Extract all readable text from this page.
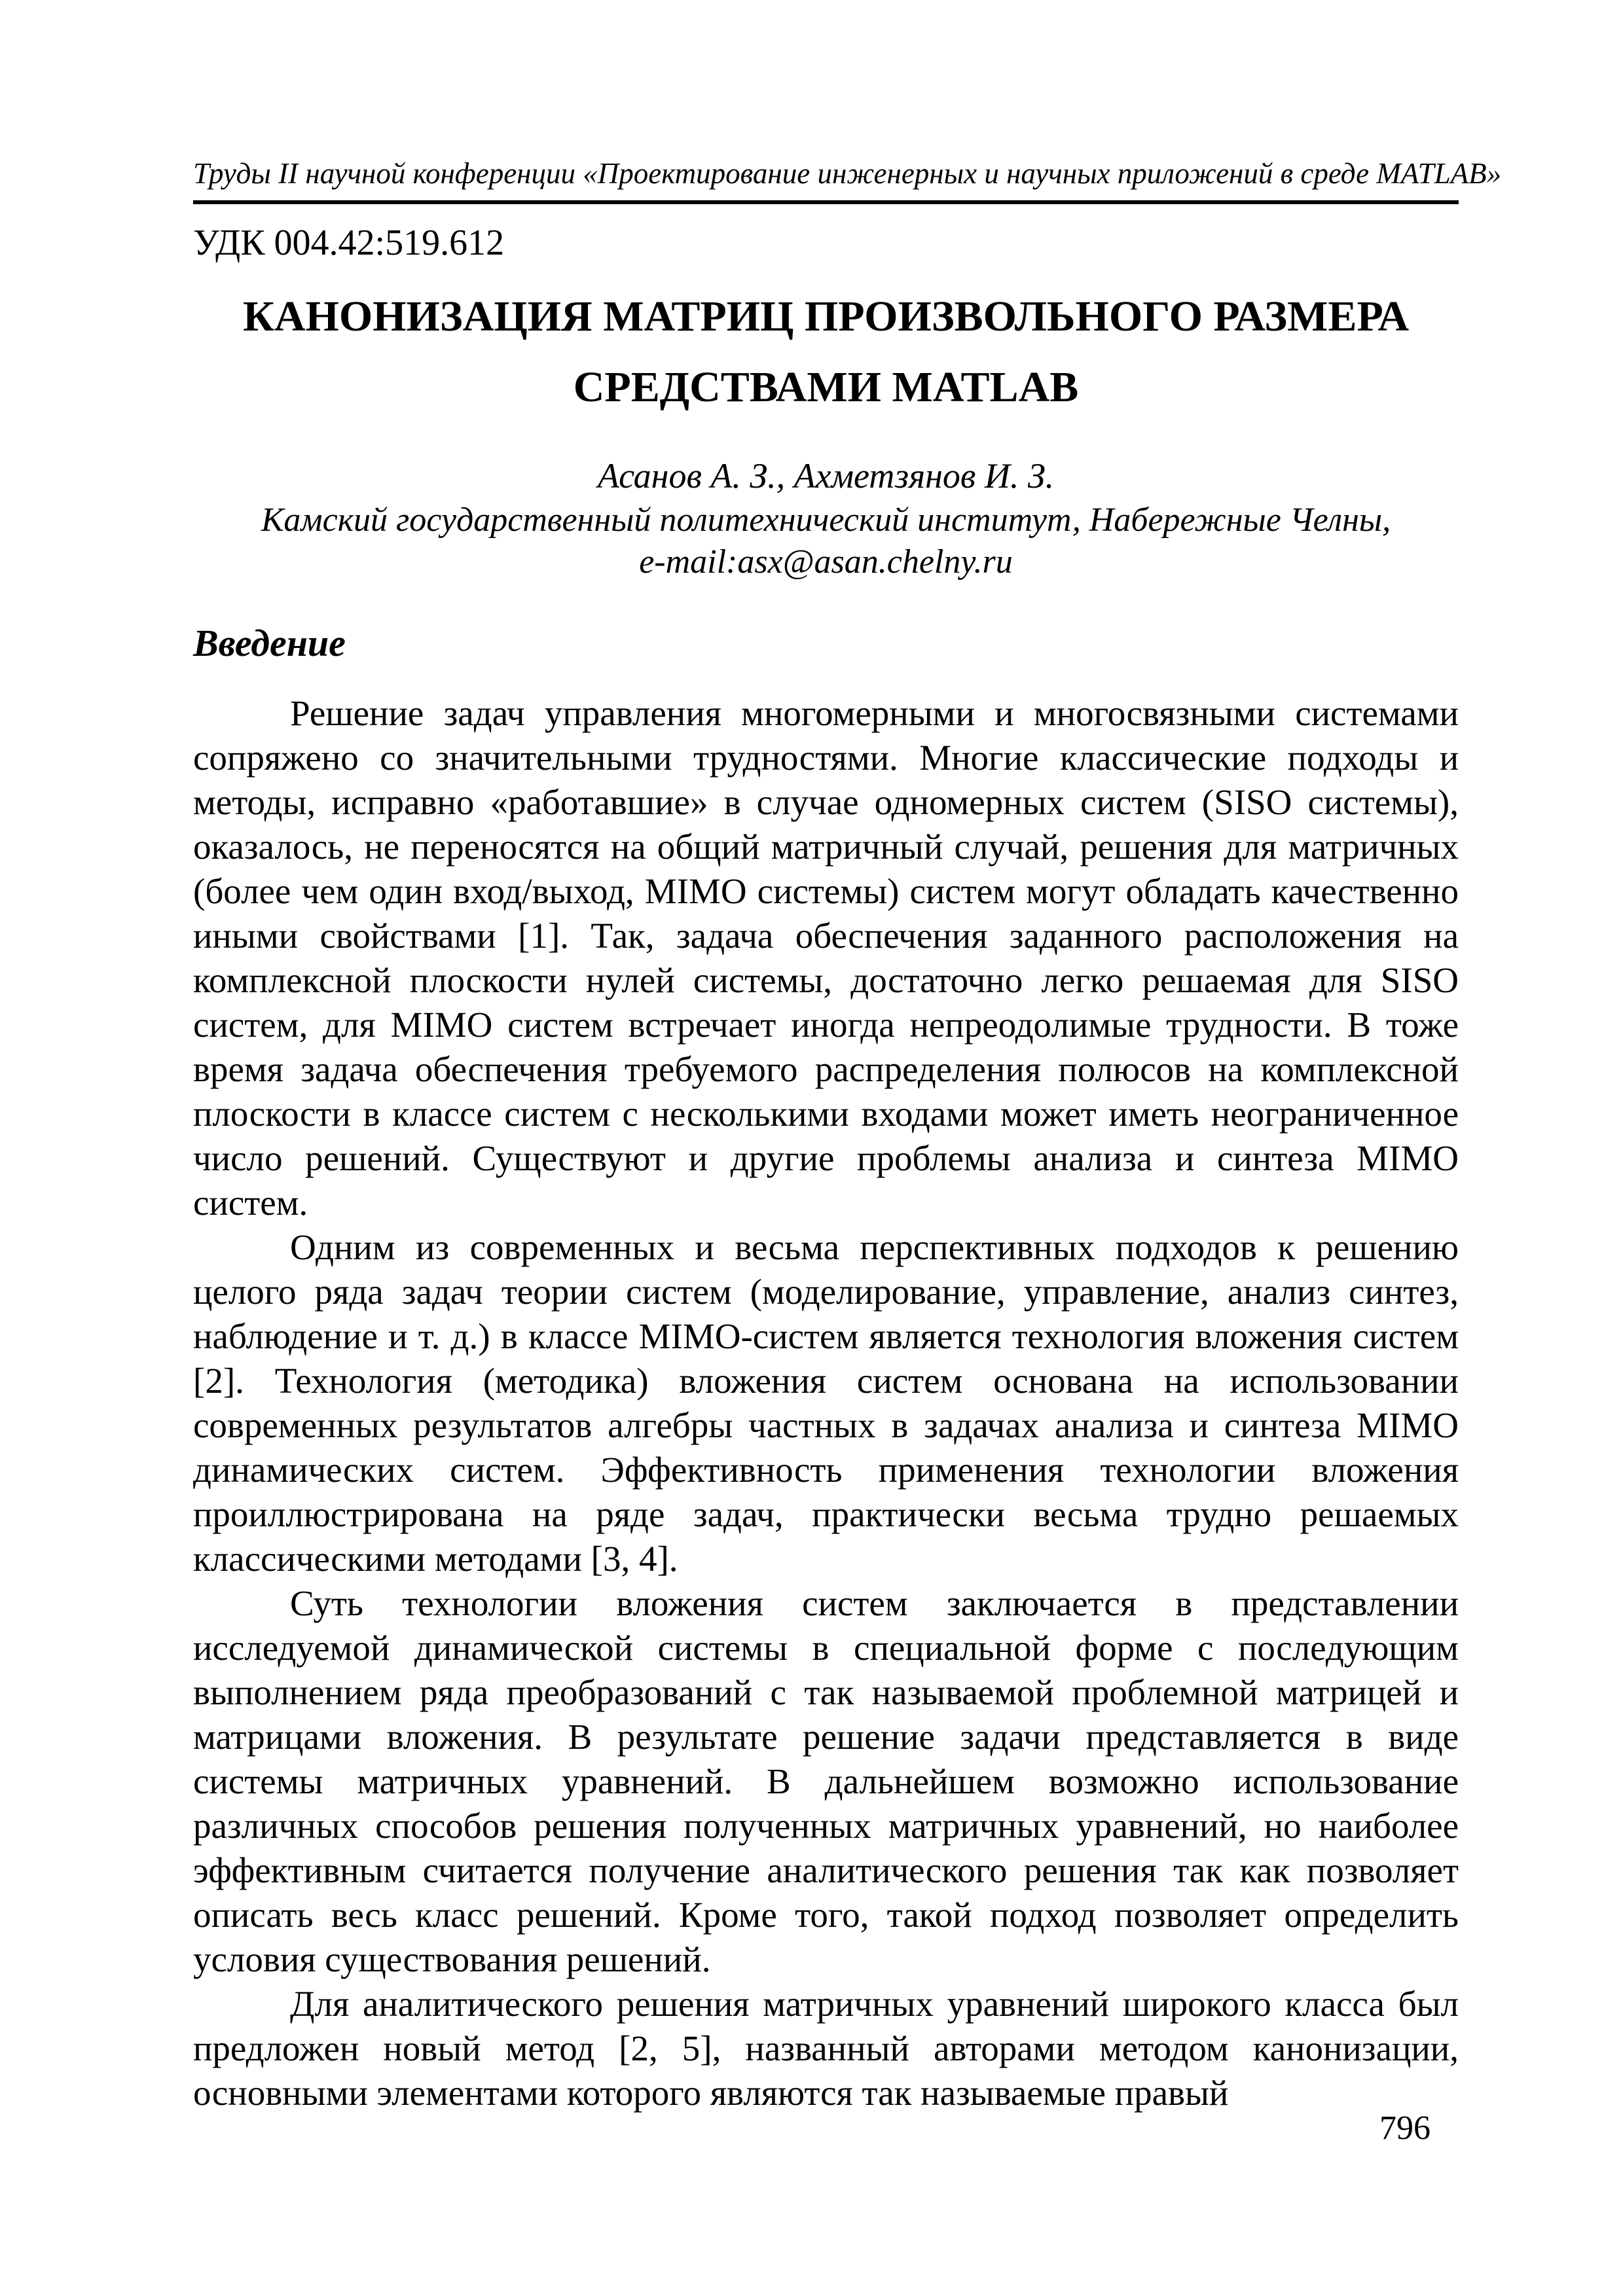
Труды II научной конференции «Проектирование инженерных и научных приложений в среде MATLAB»
УДК 004.42:519.612
КАНОНИЗАЦИЯ МАТРИЦ ПРОИЗВОЛЬНОГО РАЗМЕРА
СРЕДСТВАМИ MATLAB
Асанов А. З., Ахметзянов И. З.
Камский государственный политехнический институт, Набережные Челны,
e-mail:asx@asan.chelny.ru
Введение

Решение задач управления многомерными и многосвязными системами сопряжено со значительными трудностями. Многие классические подходы и методы, исправно «работавшие» в случае одномерных систем (SISO системы), оказалось, не переносятся на общий матричный случай, решения для матричных (более чем один вход/выход, MIMO системы) систем могут обладать качественно иными свойствами [1]. Так, задача обеспечения заданного расположения на комплексной плоскости нулей системы, достаточно легко решаемая для SISO систем, для MIMO систем встречает иногда непреодолимые трудности. В тоже время задача обеспечения требуемого распределения полюсов на комплексной плоскости в классе систем с несколькими входами может иметь неограниченное число решений. Существуют и другие проблемы анализа и синтеза MIMO систем.

Одним из современных и весьма перспективных подходов к решению целого ряда задач теории систем (моделирование, управление, анализ синтез, наблюдение и т. д.) в классе MIMO-систем является технология вложения систем [2]. Технология (методика) вложения систем основана на использовании современных результатов алгебры частных в задачах анализа и синтеза MIMO динамических систем. Эффективность применения технологии вложения проиллюстрирована на ряде задач, практически весьма трудно решаемых классическими методами [3, 4].

Суть технологии вложения систем заключается в представлении исследуемой динамической системы в специальной форме с последующим выполнением ряда преобразований с так называемой проблемной матрицей и матрицами вложения. В результате решение задачи представляется в виде системы матричных уравнений. В дальнейшем возможно использование различных способов решения полученных матричных уравнений, но наиболее эффективным считается получение аналитического решения так как позволяет описать весь класс решений. Кроме того, такой подход позволяет определить условия существования решений.

Для аналитического решения матричных уравнений широкого класса был предложен новый метод [2, 5], названный авторами методом канонизации, основными элементами которого являются так называемые правый

796
